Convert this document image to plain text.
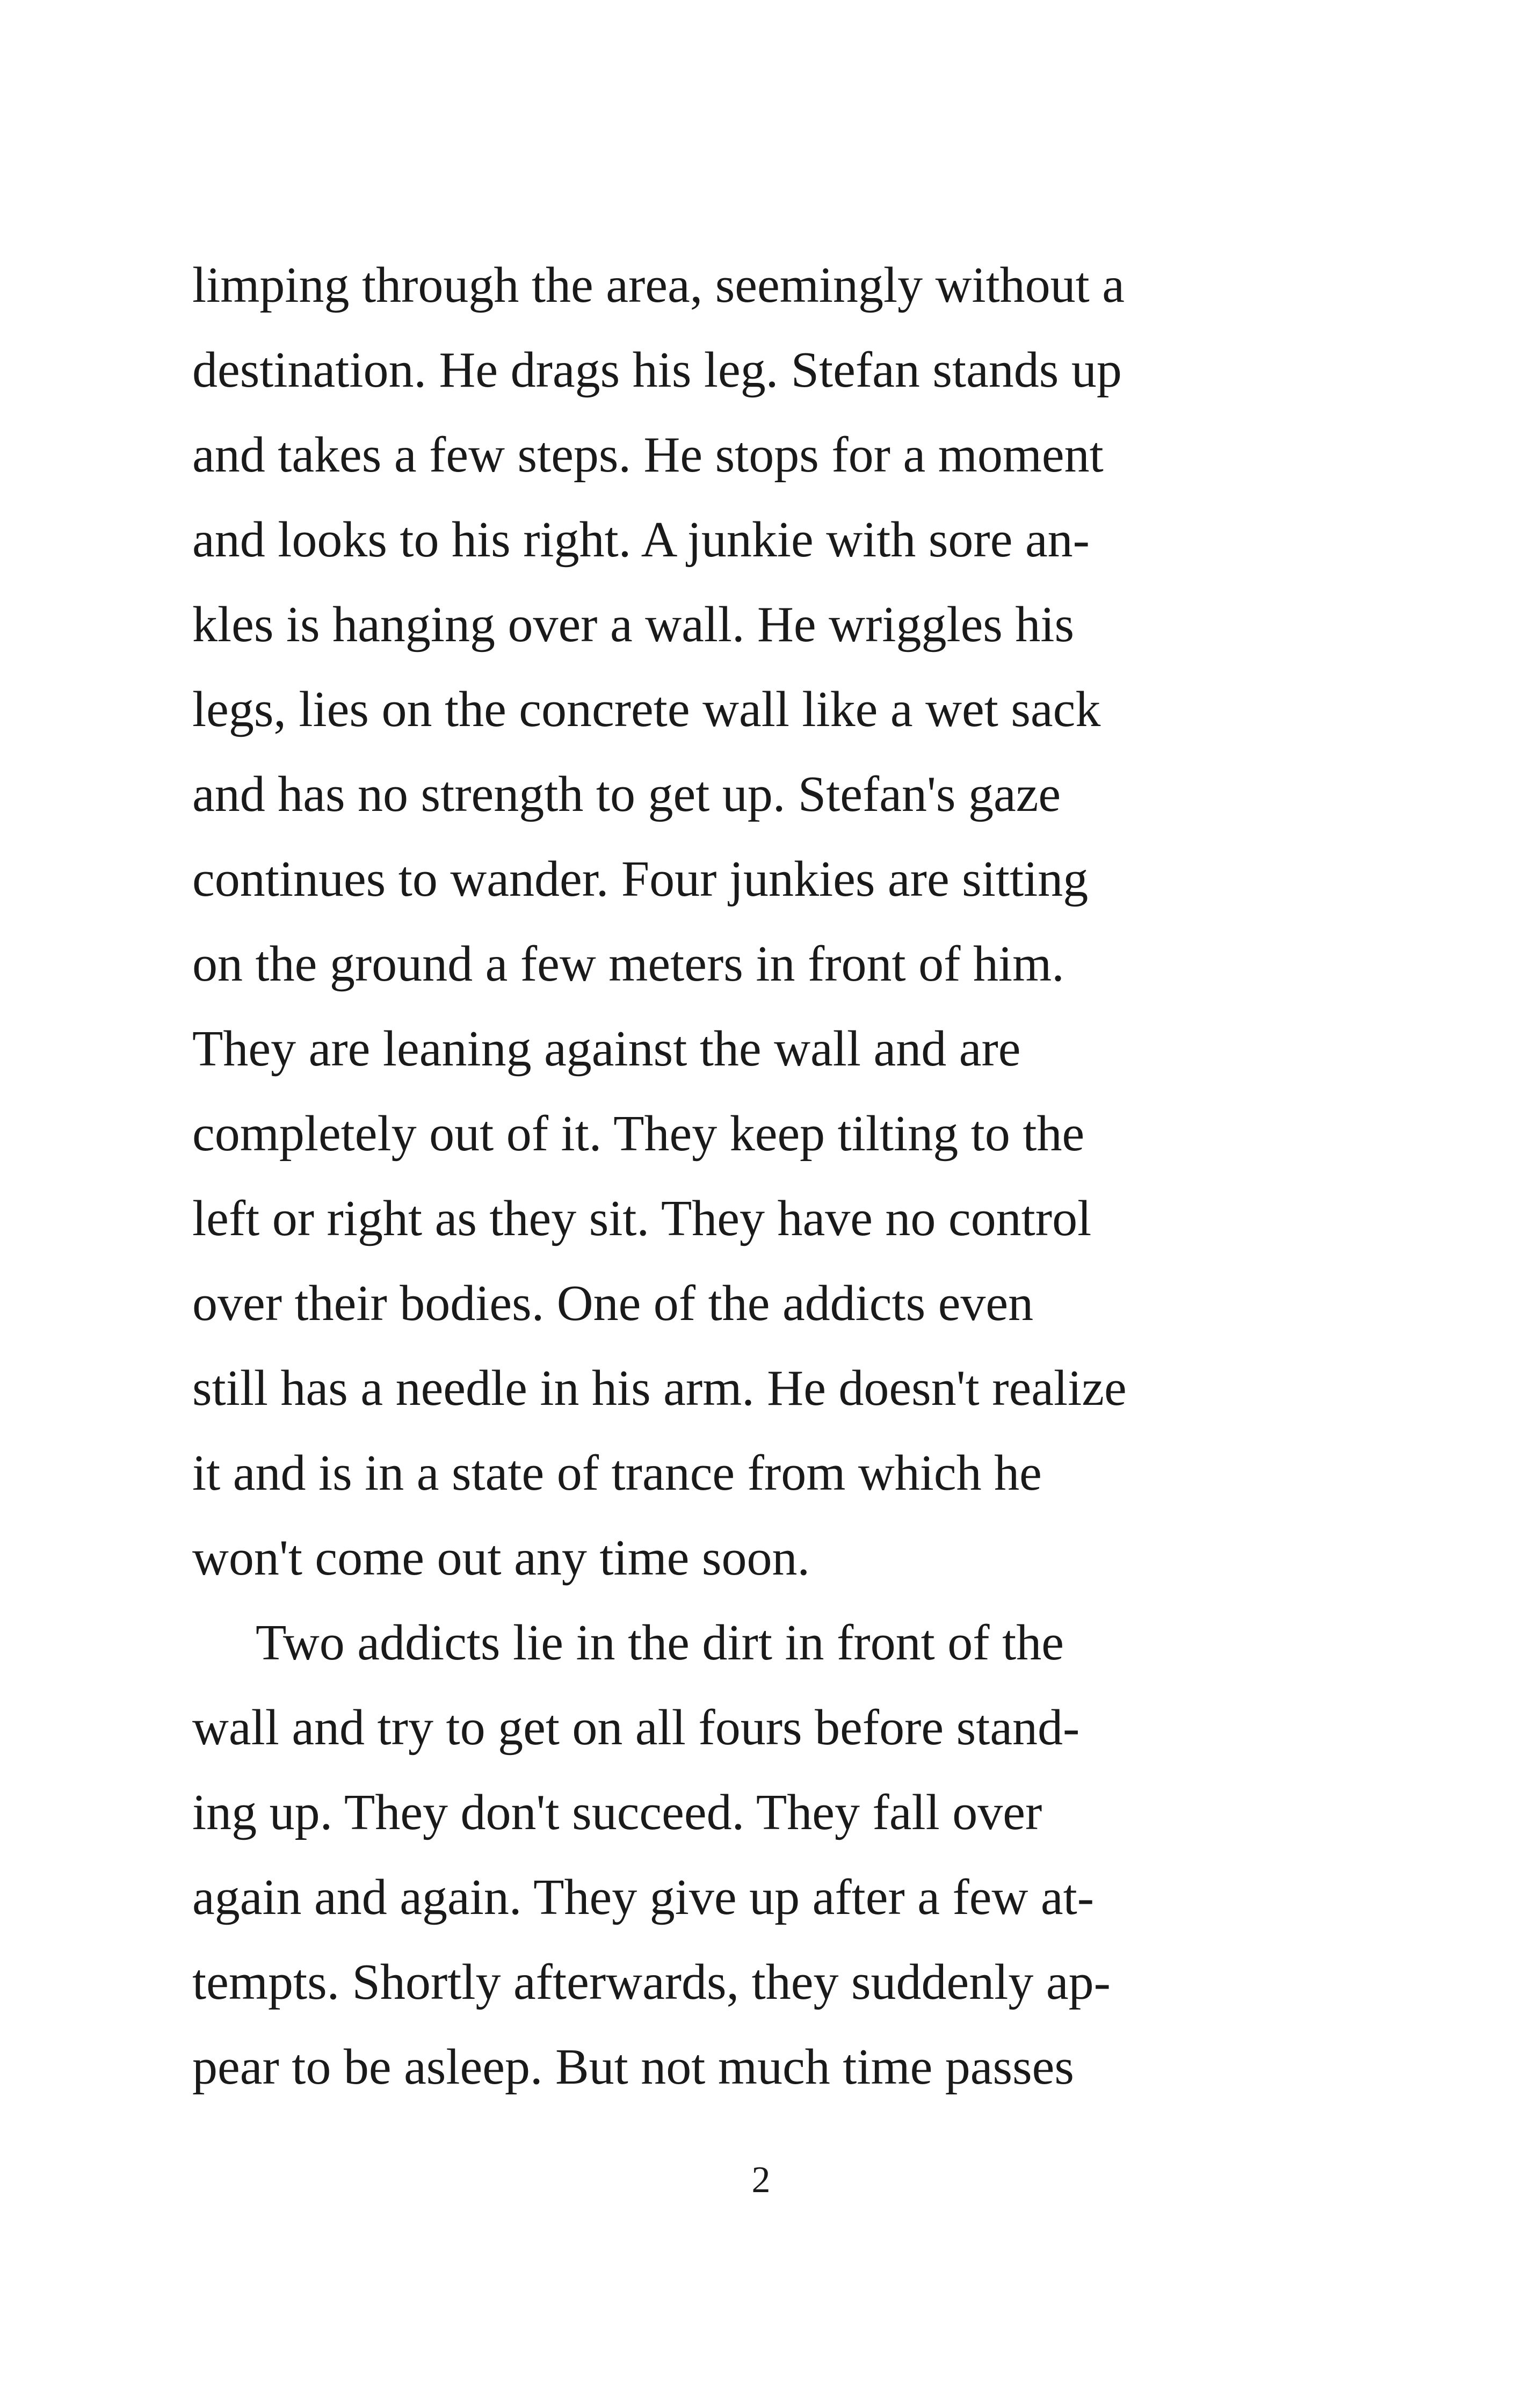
limping through the area, seemingly without a
destination. He drags his leg. Stefan stands up
and takes a few steps. He stops for a moment
and looks to his right. A junkie with sore an-
kles is hanging over a wall. He wriggles his
legs, lies on the concrete wall like a wet sack
and has no strength to get up. Stefan's gaze
continues to wander. Four junkies are sitting
on the ground a few meters in front of him.
They are leaning against the wall and are
completely out of it. They keep tilting to the
left or right as they sit. They have no control
over their bodies. One of the addicts even
still has a needle in his arm. He doesn't realize
it and is in a state of trance from which he
won't come out any time soon.
Two addicts lie in the dirt in front of the
wall and try to get on all fours before stand-
ing up. They don't succeed. They fall over
again and again. They give up after a few at-
tempts. Shortly afterwards, they suddenly ap-
pear to be asleep. But not much time passes
2
